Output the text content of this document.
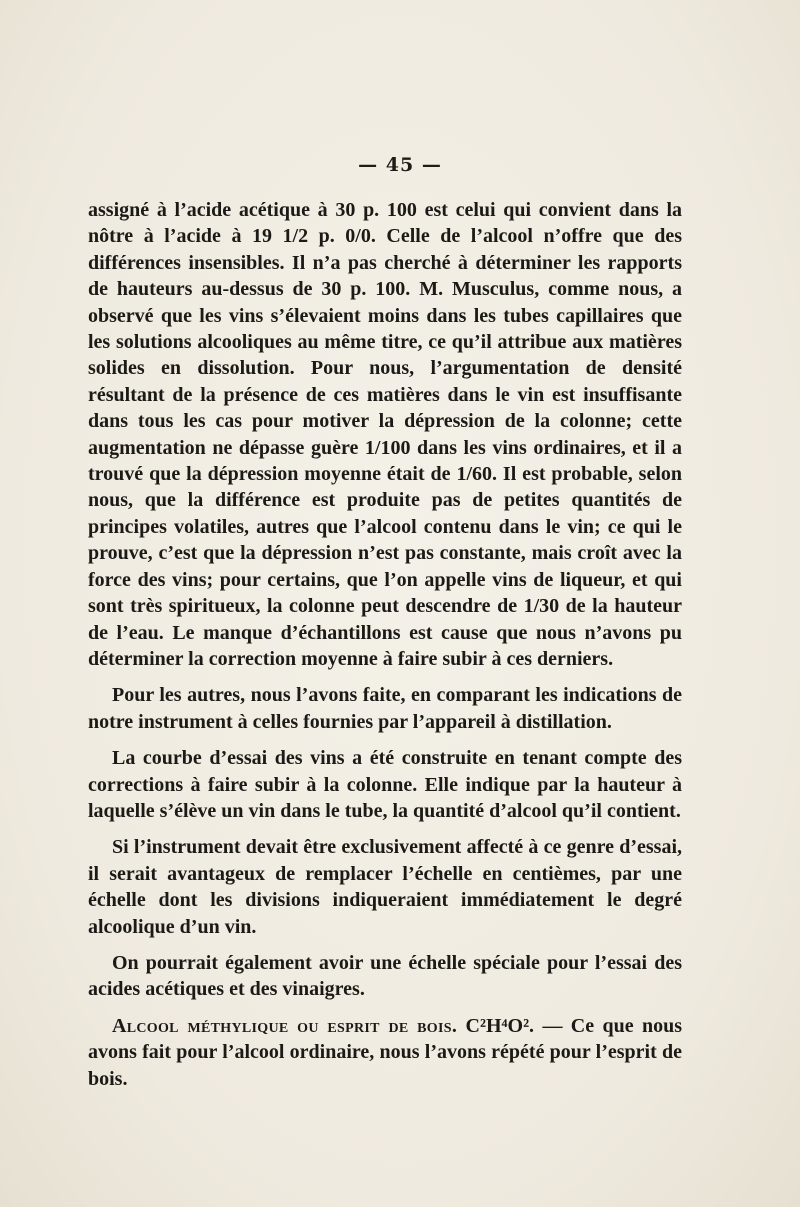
— 45 —

assigné à l’acide acétique à 30 p. 100 est celui qui convient dans la nôtre à l’acide à 19 1/2 p. 0/0. Celle de l’alcool n’offre que des différences insensibles. Il n’a pas cherché à déterminer les rapports de hauteurs au-dessus de 30 p. 100. M. Musculus, comme nous, a observé que les vins s’élevaient moins dans les tubes capillaires que les solutions alcooliques au même titre, ce qu’il attribue aux matières solides en dissolution. Pour nous, l’argumentation de densité résultant de la présence de ces matières dans le vin est insuffisante dans tous les cas pour motiver la dépression de la colonne; cette augmentation ne dépasse guère 1/100 dans les vins ordinaires, et il a trouvé que la dépression moyenne était de 1/60. Il est probable, selon nous, que la différence est produite pas de petites quantités de principes volatiles, autres que l’alcool contenu dans le vin; ce qui le prouve, c’est que la dépression n’est pas constante, mais croît avec la force des vins; pour certains, que l’on appelle vins de liqueur, et qui sont très spiritueux, la colonne peut descendre de 1/30 de la hauteur de l’eau. Le manque d’échantillons est cause que nous n’avons pu déterminer la correction moyenne à faire subir à ces derniers.

Pour les autres, nous l’avons faite, en comparant les indications de notre instrument à celles fournies par l’appareil à distillation.

La courbe d’essai des vins a été construite en tenant compte des corrections à faire subir à la colonne. Elle indique par la hauteur à laquelle s’élève un vin dans le tube, la quantité d’alcool qu’il contient.

Si l’instrument devait être exclusivement affecté à ce genre d’essai, il serait avantageux de remplacer l’échelle en centièmes, par une échelle dont les divisions indiqueraient immédiatement le degré alcoolique d’un vin.

On pourrait également avoir une échelle spéciale pour l’essai des acides acétiques et des vinaigres.

Alcool méthylique ou esprit de bois. C²H⁴O². — Ce que nous avons fait pour l’alcool ordinaire, nous l’avons répété pour l’esprit de bois.
